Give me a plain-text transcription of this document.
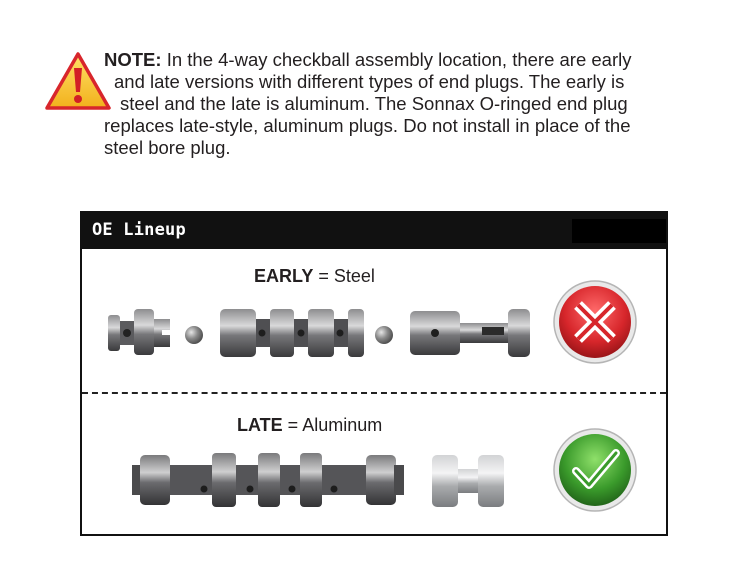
NOTE: In the 4-way checkball assembly location, there are early
and late versions with different types of end plugs. The early is
steel and the late is aluminum. The Sonnax O-ringed end plug
replaces late-style, aluminum plugs. Do not install in place of the
steel bore plug.
OE Lineup
EARLY = Steel
LATE = Aluminum
